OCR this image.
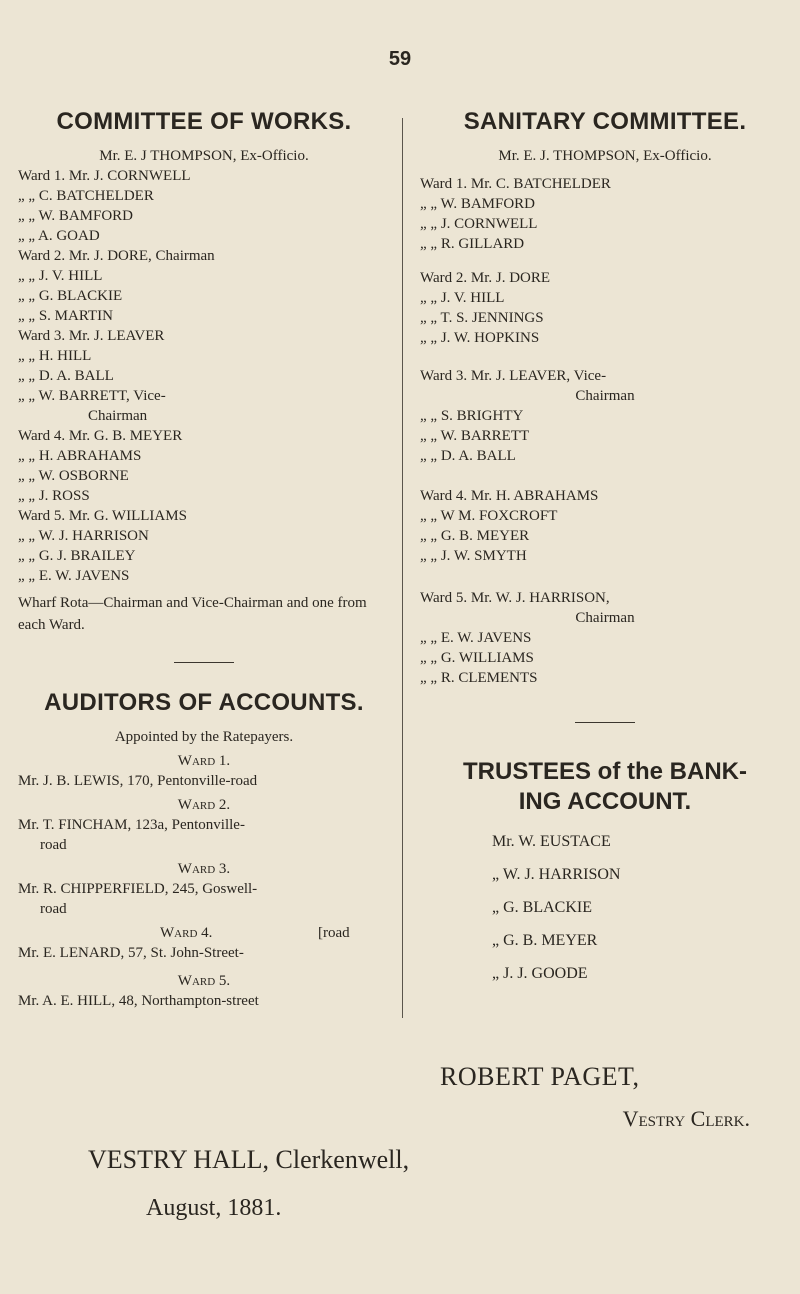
59
COMMITTEE OF WORKS.
Mr. E. J THOMPSON, Ex-Officio.
Ward 1. Mr. J. CORNWELL
„ „ C. BATCHELDER
„ „ W. BAMFORD
„ „ A. GOAD
Ward 2. Mr. J. DORE, Chairman
„ „ J. V. HILL
„ „ G. BLACKIE
„ „ S. MARTIN
Ward 3. Mr. J. LEAVER
„ „ H. HILL
„ „ D. A. BALL
„ „ W. BARRETT, Vice-
Chairman
Ward 4. Mr. G. B. MEYER
„ „ H. ABRAHAMS
„ „ W. OSBORNE
„ „ J. ROSS
Ward 5. Mr. G. WILLIAMS
„ „ W. J. HARRISON
„ „ G. J. BRAILEY
„ „ E. W. JAVENS
Wharf Rota—Chairman and Vice-Chairman and one from each Ward.
AUDITORS OF ACCOUNTS.
Appointed by the Ratepayers.
Ward 1.
Mr. J. B. LEWIS, 170, Pentonville-road
Ward 2.
Mr. T. FINCHAM, 123a, Pentonville-
road
Ward 3.
Mr. R. CHIPPERFIELD, 245, Goswell-
road
Ward 4.	[road
Mr. E. LENARD, 57, St. John-Street-
Ward 5.
Mr. A. E. HILL, 48, Northampton-street
SANITARY COMMITTEE.
Mr. E. J. THOMPSON, Ex-Officio.
Ward 1. Mr. C. BATCHELDER
„ „ W. BAMFORD
„ „ J. CORNWELL
„ „ R. GILLARD
Ward 2. Mr. J. DORE
„ „ J. V. HILL
„ „ T. S. JENNINGS
„ „ J. W. HOPKINS
Ward 3. Mr. J. LEAVER, Vice-
Chairman
„ „ S. BRIGHTY
„ „ W. BARRETT
„ „ D. A. BALL
Ward 4. Mr. H. ABRAHAMS
„ „ W M. FOXCROFT
„ „ G. B. MEYER
„ „ J. W. SMYTH
Ward 5. Mr. W. J. HARRISON,
Chairman
„ „ E. W. JAVENS
„ „ G. WILLIAMS
„ „ R. CLEMENTS
TRUSTEES of the BANK-
ING ACCOUNT.
Mr. W. EUSTACE
„ W. J. HARRISON
„ G. BLACKIE
„ G. B. MEYER
„ J. J. GOODE
ROBERT PAGET,
Vestry Clerk.
VESTRY HALL, Clerkenwell,
August, 1881.
